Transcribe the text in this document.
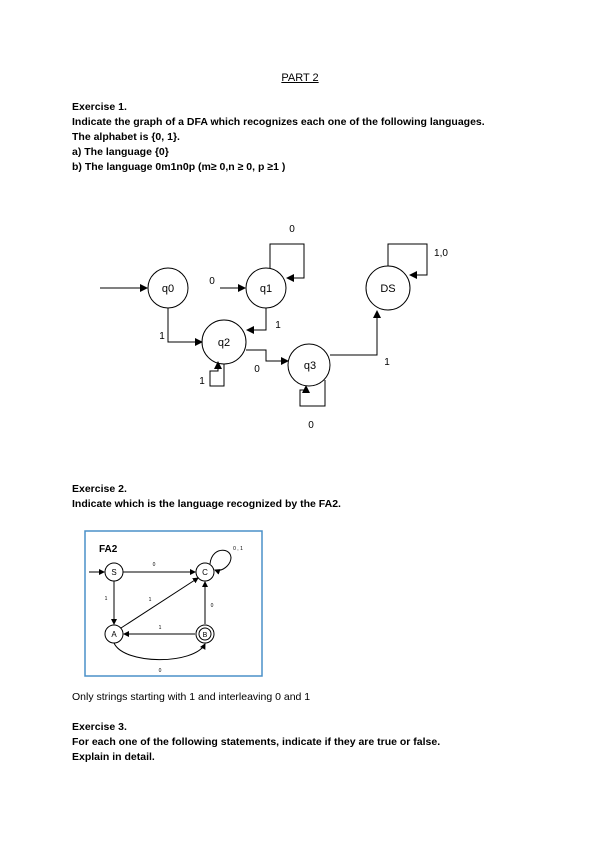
PART 2
Exercise 1.
Indicate the graph of a DFA which recognizes each one of the following languages.
The alphabet is {0, 1}.
a) The language {0}
b) The language 0m1n0p (m≥ 0,n ≥ 0, p ≥1 )
q0	q1
q2
q3
DS
0
1,0
0
1
1
1
0
1
0
Exercise 2.
Indicate which is the language recognized by the FA2.
FA2
S	C
A	B
0
0 , 1
1	1
1
0
0
Only strings starting with 1 and interleaving 0 and 1
Exercise 3.
For each one of the following statements, indicate if they are true or false.
Explain in detail.
